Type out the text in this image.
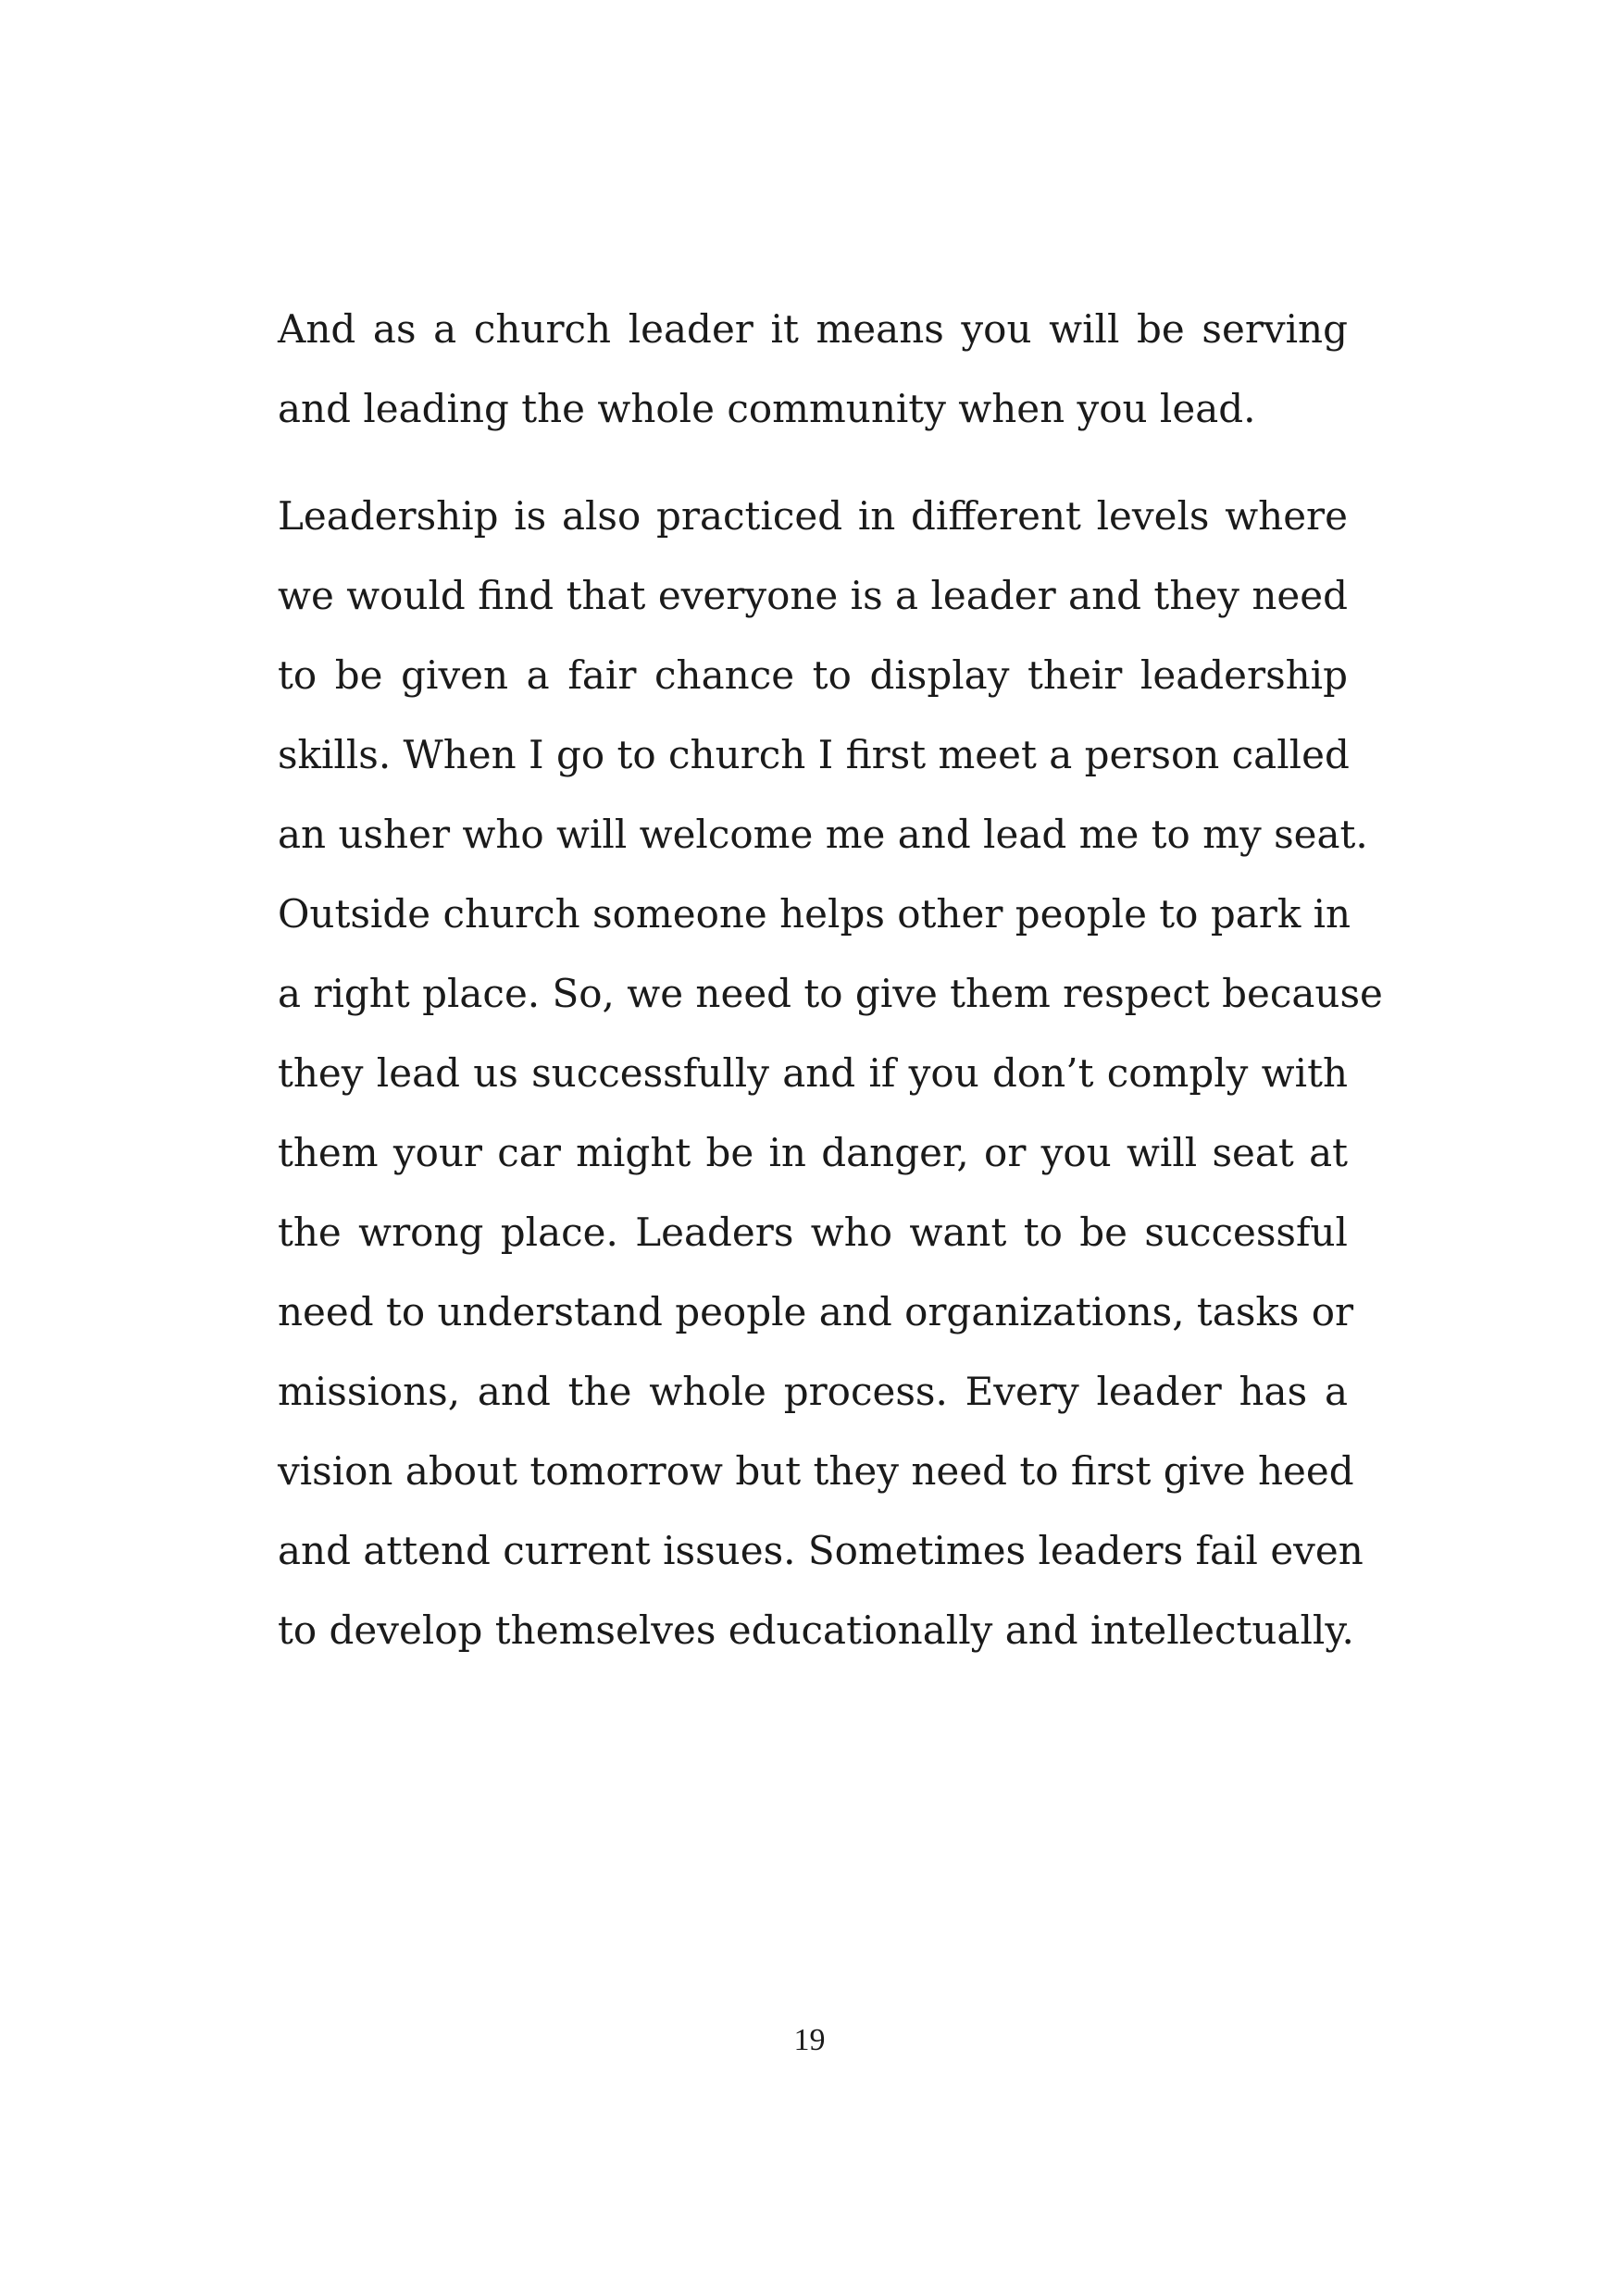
And as a church leader it means you will be serving
and leading the whole community when you lead.
Leadership is also practiced in different levels where
we would find that everyone is a leader and they need
to be given a fair chance to display their leadership
skills. When I go to church I first meet a person called
an usher who will welcome me and lead me to my seat.
Outside church someone helps other people to park in
a right place. So, we need to give them respect because
they lead us successfully and if you don’t comply with
them your car might be in danger, or you will seat at
the wrong place. Leaders who want to be successful
need to understand people and organizations, tasks or
missions, and the whole process. Every leader has a
vision about tomorrow but they need to first give heed
and attend current issues. Sometimes leaders fail even
to develop themselves educationally and intellectually.
19
